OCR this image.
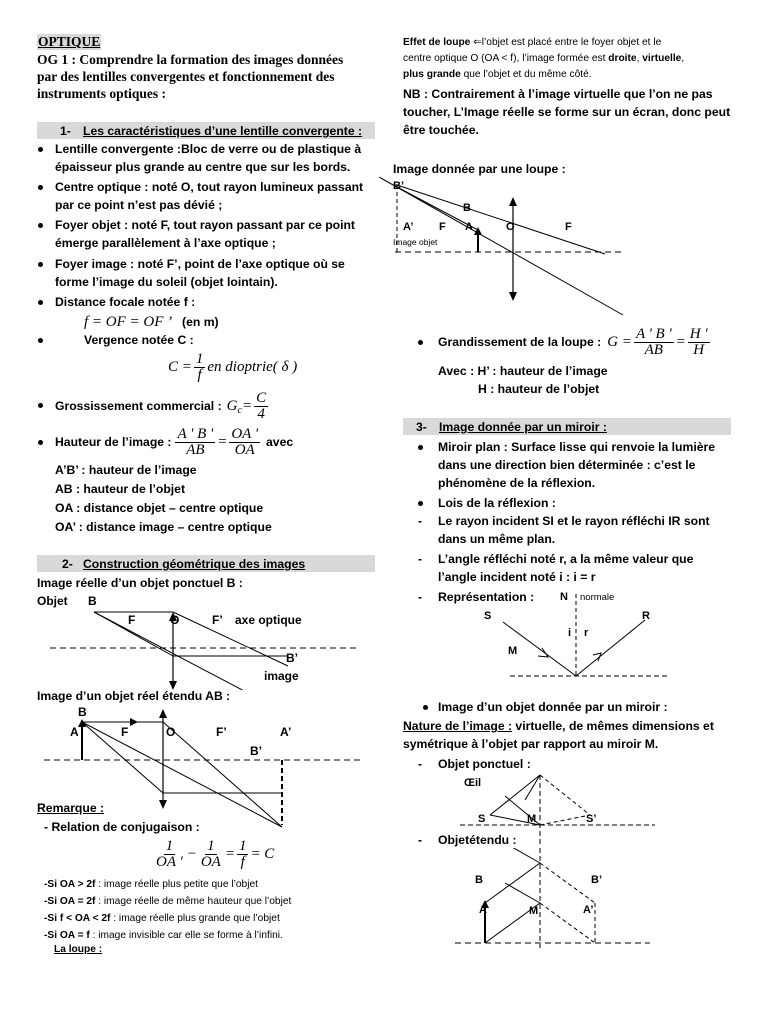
OPTIQUE
OG 1 : Comprendre la formation des images données
par des lentilles convergentes et fonctionnement des
instruments optiques :
1- Les caractéristiques d’une lentille convergente :
Lentille convergente :Bloc de verre ou de plastique à
épaisseur plus grande au centre que sur les bords.
Centre optique : noté O, tout rayon lumineux passant
par ce point n’est pas dévié ;
Foyer objet : noté F, tout rayon passant par ce point
émerge parallèlement à l’axe optique ;
Foyer image : noté F’, point de l’axe optique où se
forme l’image du soleil (objet lointain).
Distance focale notée f :
f = OF = OF ’ (en m)
Vergence notée C :
$C = \frac{1}{f}$ en dioptrie( δ )
Grossissement commercial : G $c = \frac{C}{4}$
Hauteur de l’image : $\frac{A ' B '}{AB} = \frac{OA '}{OA}$ avec
A’B’ : hauteur de l’image
AB : hauteur de l’objet
OA : distance objet – centre optique
OA’ : distance image – centre optique
2- Construction géométrique des images
Image réelle d’un objet ponctuel B :
B
Objet
F	O	F’ axe optique
B’
image
Image d’un objet réel étendu AB :
B
A	F	O	F’	A’
B’
Remarque :
- Relation de conjugaison :
$\frac{1}{OA '} - \frac{1}{OA} = \frac{1}{f} = C$
-Si OA > 2f : image réelle plus petite que l’objet
-Si OA = 2f : image réelle de même hauteur que l’objet
-Si f < OA < 2f : image réelle plus grande que l’objet
-Si OA = f : image invisible car elle se forme à l’infini.
La loupe :
Effet de loupe ⇐l’objet est placé entre le foyer objet et le
centre optique O (OA < f), l’image formée est droite, virtuelle,
plus grande que l’objet et du même côté.
NB : Contrairement à l’image virtuelle que l’on ne pas
toucher, L’Image réelle se forme sur un écran, donc peut
être touchée.
Image donnée par une loupe :
B’
B
A’ F A	O	F
Image objet
Grandissement de la loupe : $G = \frac{A ' B '}{AB} = \frac{H '}{H}$
Avec : H’ : hauteur de l’image
H : hauteur de l’objet
3- Image donnée par un miroir :
Miroir plan : Surface lisse qui renvoie la lumière
dans une direction bien déterminée : c’est le
phénomène de la réflexion.
Lois de la réflexion :
- Le rayon incident SI et le rayon réfléchi IR sont
dans un même plan.
- L’angle réfléchi noté r, a la même valeur que
l’angle incident noté i : i = r
- Représentation : N normale
S	R
i r
M
Image d’un objet donnée par un miroir :
Nature de l’image : virtuelle, de mêmes dimensions et
symétrique à l’objet par rapport au miroir M.
- Objet ponctuel :
Œil
S	M	S’
- Objetétendu :
B	B’
A	M	A’
